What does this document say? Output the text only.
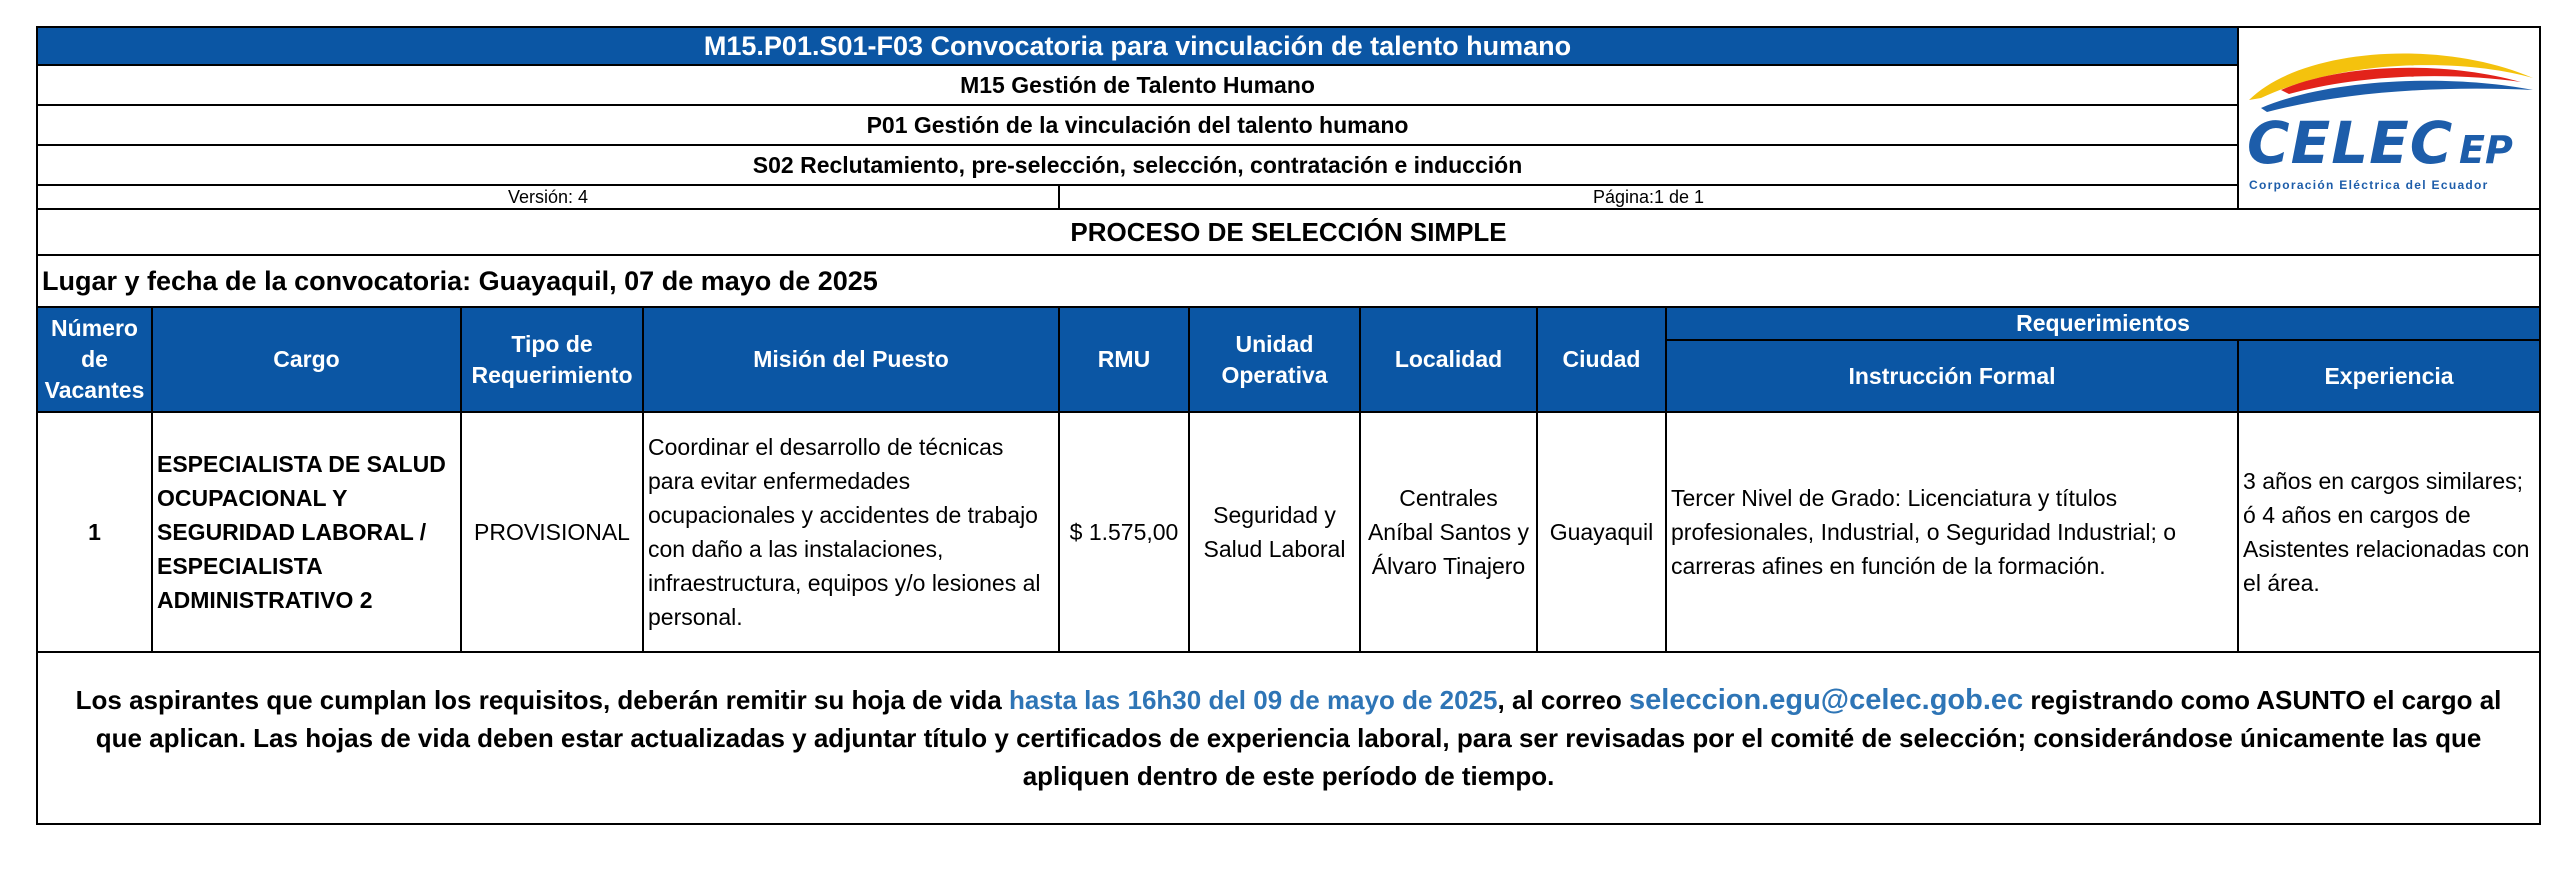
M15.P01.S01-F03 Convocatoria para vinculación de talento humano									CELEC EP
Corporación Eléctrica del Ecuador

M15 Gestión de Talento Humano									
P01 Gestión de la vinculación del talento humano									
S02 Reclutamiento, pre-selección, selección, contratación e inducción									
Versión: 4				Página:1 de 1					

PROCESO DE SELECCIÓN SIMPLE									
Lugar y fecha de la convocatoria: Guayaquil, 07 de mayo de 2025									
Número de Vacantes	Cargo	Tipo de Requerimiento	Misión del Puesto	RMU	Unidad Operativa	Localidad	Ciudad	Requerimientos	
								Instrucción Formal	Experiencia
1	ESPECIALISTA DE SALUD OCUPACIONAL Y SEGURIDAD LABORAL / ESPECIALISTA ADMINISTRATIVO 2	PROVISIONAL	Coordinar el desarrollo de técnicas para evitar enfermedades ocupacionales y accidentes de trabajo con daño a las instalaciones, infraestructura, equipos y/o lesiones al personal.	$ 1.575,00	Seguridad y Salud Laboral	Centrales Aníbal Santos y Álvaro Tinajero	Guayaquil	Tercer Nivel de Grado: Licenciatura y títulos profesionales, Industrial, o Seguridad Industrial; o carreras afines en función de la formación.	3 años en cargos similares; ó 4 años en cargos de Asistentes relacionadas con el área.
Los aspirantes que cumplan los requisitos, deberán remitir su hoja de vida hasta las 16h30 del 09 de mayo de 2025, al correo seleccion.egu@celec.gob.ec registrando como ASUNTO el cargo al que aplican. Las hojas de vida deben estar actualizadas y adjuntar título y certificados de experiencia laboral, para ser revisadas por el comité de selección; considerándose únicamente las que apliquen dentro de este período de tiempo.									
